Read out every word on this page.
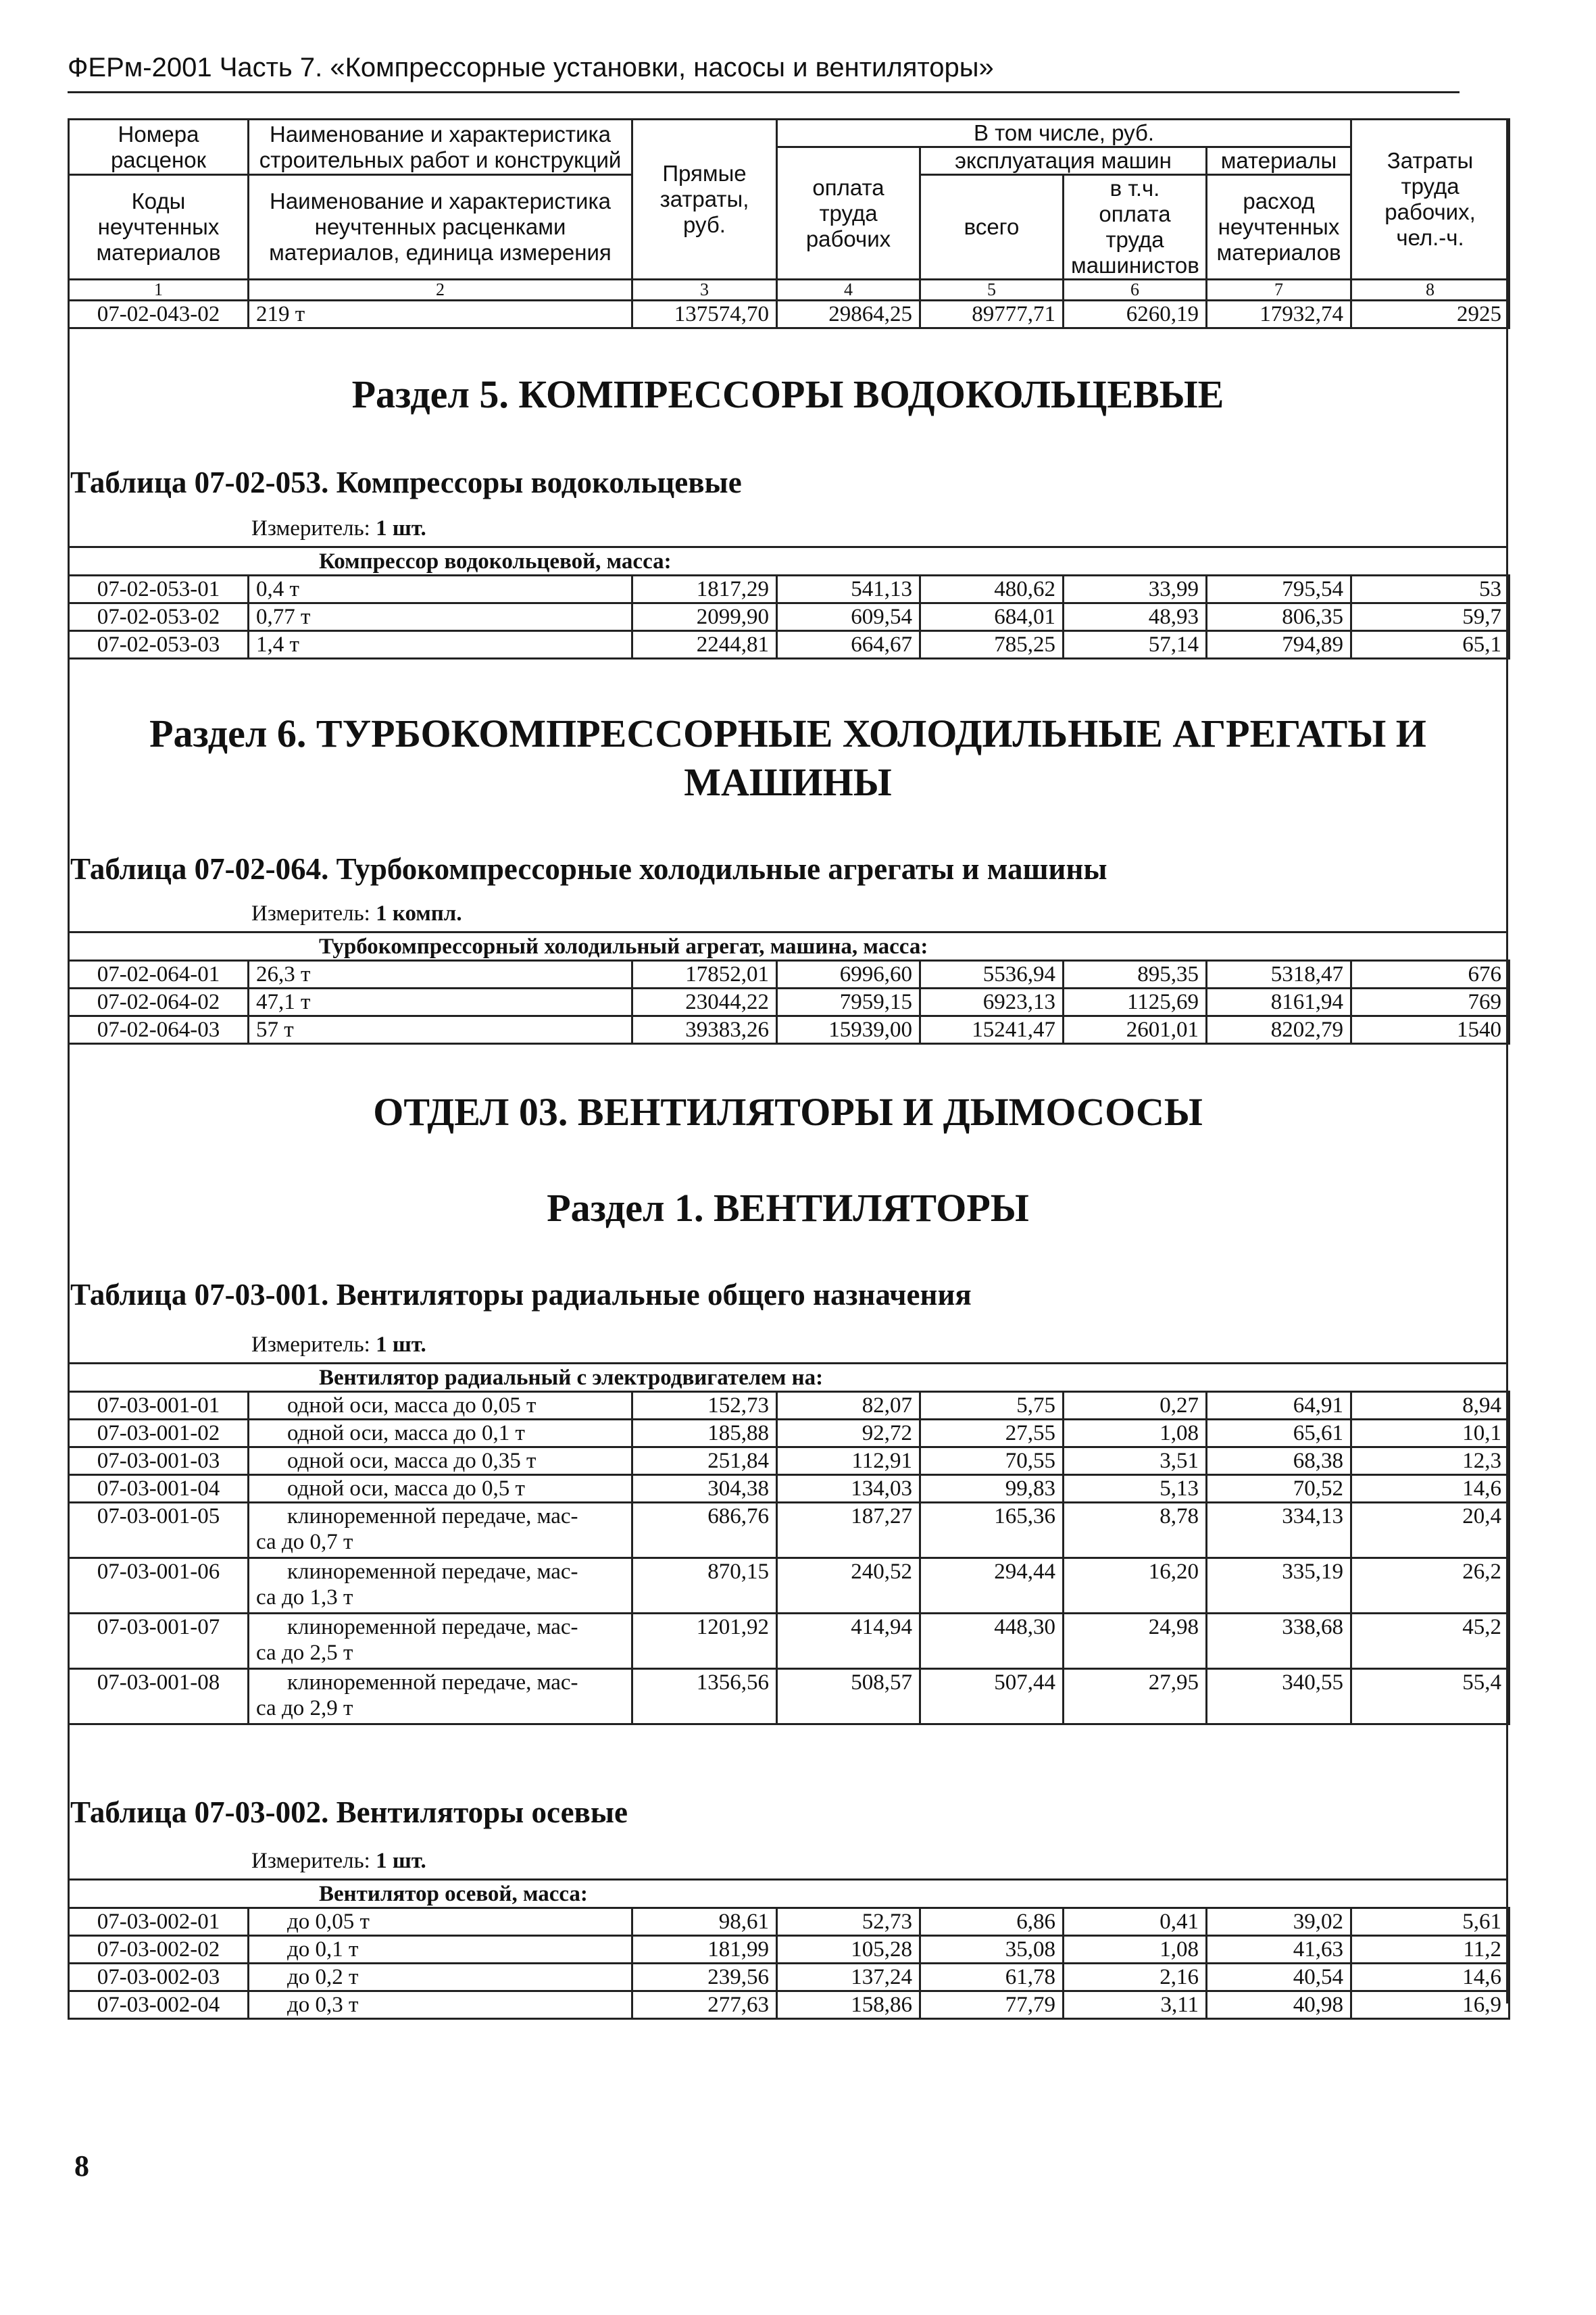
ФЕРм-2001 Часть 7. «Компрессорные установки, насосы и вентиляторы»
Номера расценок	Наименование и характеристика строительных работ и конструкций	Прямые затраты, руб.	В том числе, руб.				Затраты труда рабочих, чел.-ч.
			оплата труда рабочих	эксплуатация машин		материалы	
Коды неучтенных материалов	Наименование и характеристика неучтенных расценками материалов, единица измерения			всего	в т.ч. оплата труда машинистов	расход неучтенных материалов	

1	2	3	4	5	6	7	8
07-02-043-02	219 т	137574,70	29864,25	89777,71	6260,19	17932,74	2925
Раздел 5. КОМПРЕССОРЫ ВОДОКОЛЬЦЕВЫЕ
Таблица 07-02-053. Компрессоры водокольцевые
Измеритель: 1 шт.
Компрессор водокольцевой, масса:
07-02-053-01	0,4 т	1817,29	541,13	480,62	33,99	795,54	53
07-02-053-02	0,77 т	2099,90	609,54	684,01	48,93	806,35	59,7
07-02-053-03	1,4 т	2244,81	664,67	785,25	57,14	794,89	65,1
Раздел 6. ТУРБОКОМПРЕССОРНЫЕ ХОЛОДИЛЬНЫЕ АГРЕГАТЫ И
МАШИНЫ
Таблица 07-02-064. Турбокомпрессорные холодильные агрегаты и машины
Измеритель: 1 компл.
Турбокомпрессорный холодильный агрегат, машина, масса:
07-02-064-01	26,3 т	17852,01	6996,60	5536,94	895,35	5318,47	676
07-02-064-02	47,1 т	23044,22	7959,15	6923,13	1125,69	8161,94	769
07-02-064-03	57 т	39383,26	15939,00	15241,47	2601,01	8202,79	1540
ОТДЕЛ 03. ВЕНТИЛЯТОРЫ И ДЫМОСОСЫ
Раздел 1. ВЕНТИЛЯТОРЫ
Таблица 07-03-001. Вентиляторы радиальные общего назначения
Измеритель: 1 шт.
Вентилятор радиальный с электродвигателем на:
07-03-001-01	одной оси, масса до 0,05 т	152,73	82,07	5,75	0,27	64,91	8,94
07-03-001-02	одной оси, масса до 0,1 т	185,88	92,72	27,55	1,08	65,61	10,1
07-03-001-03	одной оси, масса до 0,35 т	251,84	112,91	70,55	3,51	68,38	12,3
07-03-001-04	одной оси, масса до 0,5 т	304,38	134,03	99,83	5,13	70,52	14,6
07-03-001-05	клиноременной передаче, мас-
са до 0,7 т	686,76	187,27	165,36	8,78	334,13	20,4
07-03-001-06	клиноременной передаче, мас-
са до 1,3 т	870,15	240,52	294,44	16,20	335,19	26,2
07-03-001-07	клиноременной передаче, мас-
са до 2,5 т	1201,92	414,94	448,30	24,98	338,68	45,2
07-03-001-08	клиноременной передаче, мас-
са до 2,9 т	1356,56	508,57	507,44	27,95	340,55	55,4
Таблица 07-03-002. Вентиляторы осевые
Измеритель: 1 шт.
Вентилятор осевой, масса:
07-03-002-01	до 0,05 т	98,61	52,73	6,86	0,41	39,02	5,61
07-03-002-02	до 0,1 т	181,99	105,28	35,08	1,08	41,63	11,2
07-03-002-03	до 0,2 т	239,56	137,24	61,78	2,16	40,54	14,6
07-03-002-04	до 0,3 т	277,63	158,86	77,79	3,11	40,98	16,9
8
